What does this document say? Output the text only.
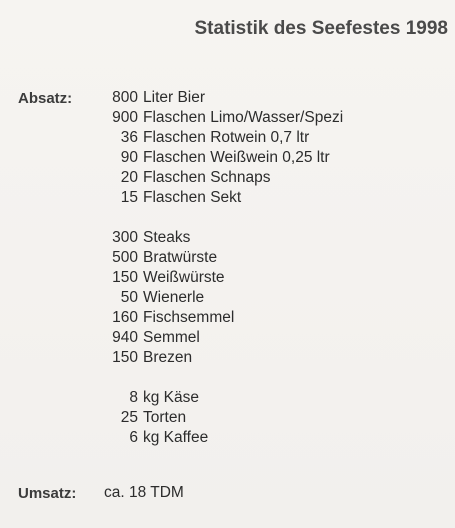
Statistik des Seefestes 1998
Absatz:	800 Liter Bier
900 Flaschen Limo/Wasser/Spezi
36 Flaschen Rotwein 0,7 ltr
90 Flaschen Weißwein 0,25 ltr
20 Flaschen Schnaps
15 Flaschen Sekt
300 Steaks
500 Bratwürste
150 Weißwürste
50 Wienerle
160 Fischsemmel
940 Semmel
150 Brezen
8 kg Käse
25 Torten
6 kg Kaffee
Umsatz: ca. 18 TDM
